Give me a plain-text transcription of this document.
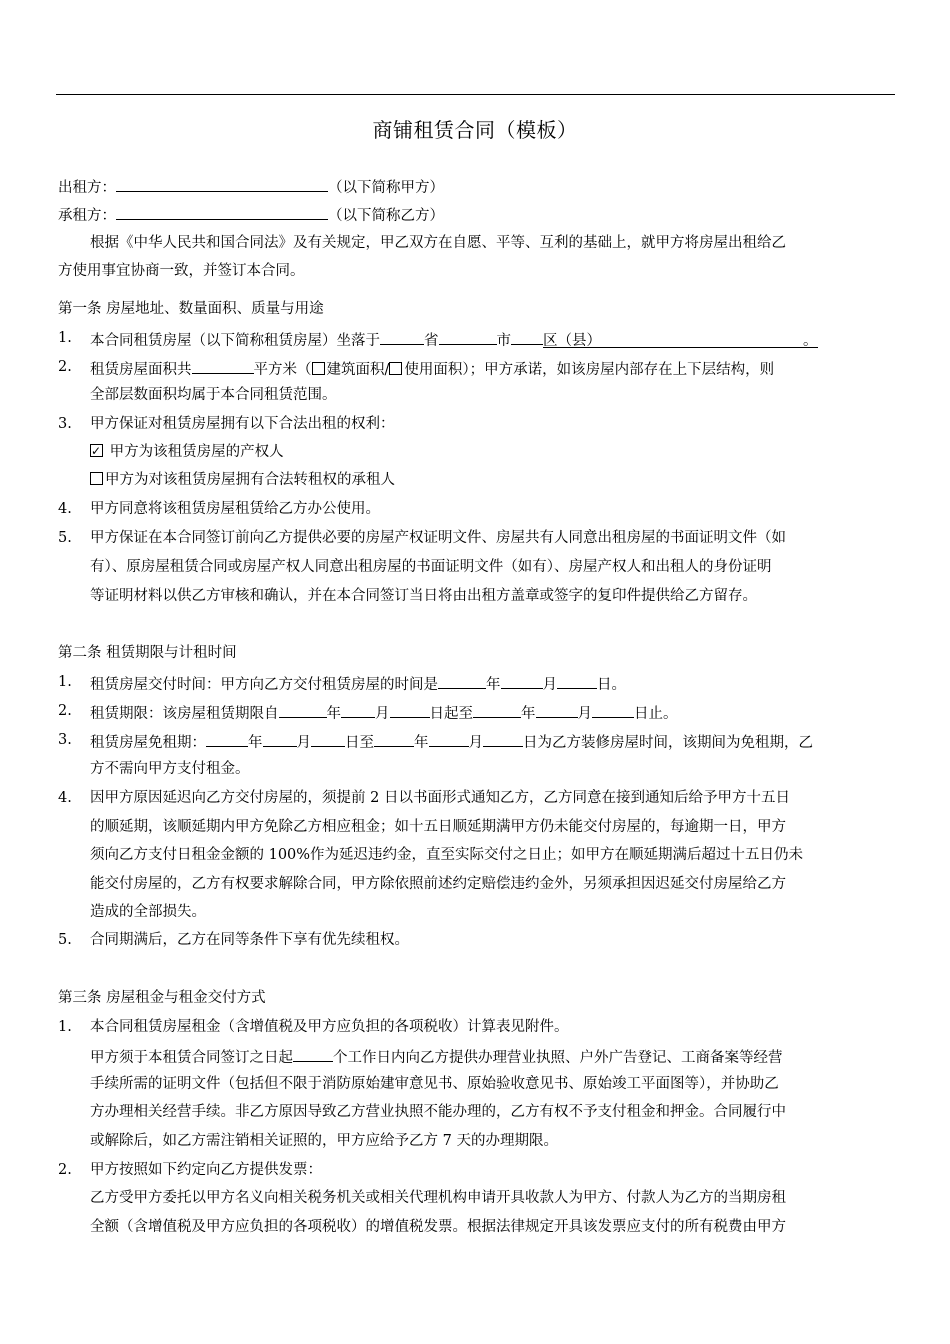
商铺租赁合同（模板）
出租方：	（以下简称甲方）
承租方：	（以下简称乙方）
根据《中华人民共和国合同法》及有关规定，甲乙双方在自愿、平等、互利的基础上，就甲方将房屋出租给乙
方使用事宜协商一致，并签订本合同。
第一条 房屋地址、数量面积、质量与用途
1. 本合同租赁房屋（以下简称租赁房屋）坐落于	省	市 区（县）	。
2. 租赁房屋面积共	平方米（ 建筑面积/ 使用面积）；甲方承诺，如该房屋内部存在上下层结构，则
全部层数面积均属于本合同租赁范围。
3. 甲方保证对租赁房屋拥有以下合法出租的权利：
✓ 甲方为该租赁房屋的产权人
甲方为对该租赁房屋拥有合法转租权的承租人
4. 甲方同意将该租赁房屋租赁给乙方办公使用。
5. 甲方保证在本合同签订前向乙方提供必要的房屋产权证明文件、房屋共有人同意出租房屋的书面证明文件（如
有）、原房屋租赁合同或房屋产权人同意出租房屋的书面证明文件（如有）、房屋产权人和出租人的身份证明
等证明材料以供乙方审核和确认，并在本合同签订当日将由出租方盖章或签字的复印件提供给乙方留存。
第二条 租赁期限与计租时间
1. 租赁房屋交付时间：甲方向乙方交付租赁房屋的时间是	年	月	日。
2. 租赁期限：该房屋租赁期限自	年 月	日起至	年	月	日止。
3. 租赁房屋免租期：	年 月 日至	年	月	日为乙方装修房屋时间，该期间为免租期，乙
方不需向甲方支付租金。
4. 因甲方原因延迟向乙方交付房屋的，须提前 2 日以书面形式通知乙方，乙方同意在接到通知后给予甲方十五日
的顺延期，该顺延期内甲方免除乙方相应租金；如十五日顺延期满甲方仍未能交付房屋的，每逾期一日，甲方
须向乙方支付日租金金额的 100%作为延迟违约金，直至实际交付之日止；如甲方在顺延期满后超过十五日仍未
能交付房屋的，乙方有权要求解除合同，甲方除依照前述约定赔偿违约金外，另须承担因迟延交付房屋给乙方
造成的全部损失。
5. 合同期满后，乙方在同等条件下享有优先续租权。
第三条 房屋租金与租金交付方式
1. 本合同租赁房屋租金（含增值税及甲方应负担的各项税收）计算表见附件。
甲方须于本租赁合同签订之日起	个工作日内向乙方提供办理营业执照、户外广告登记、工商备案等经营
手续所需的证明文件（包括但不限于消防原始建审意见书、原始验收意见书、原始竣工平面图等），并协助乙
方办理相关经营手续。非乙方原因导致乙方营业执照不能办理的，乙方有权不予支付租金和押金。合同履行中
或解除后，如乙方需注销相关证照的，甲方应给予乙方 7 天的办理期限。
2. 甲方按照如下约定向乙方提供发票：
乙方受甲方委托以甲方名义向相关税务机关或相关代理机构申请开具收款人为甲方、付款人为乙方的当期房租
全额（含增值税及甲方应负担的各项税收）的增值税发票。根据法律规定开具该发票应支付的所有税费由甲方
